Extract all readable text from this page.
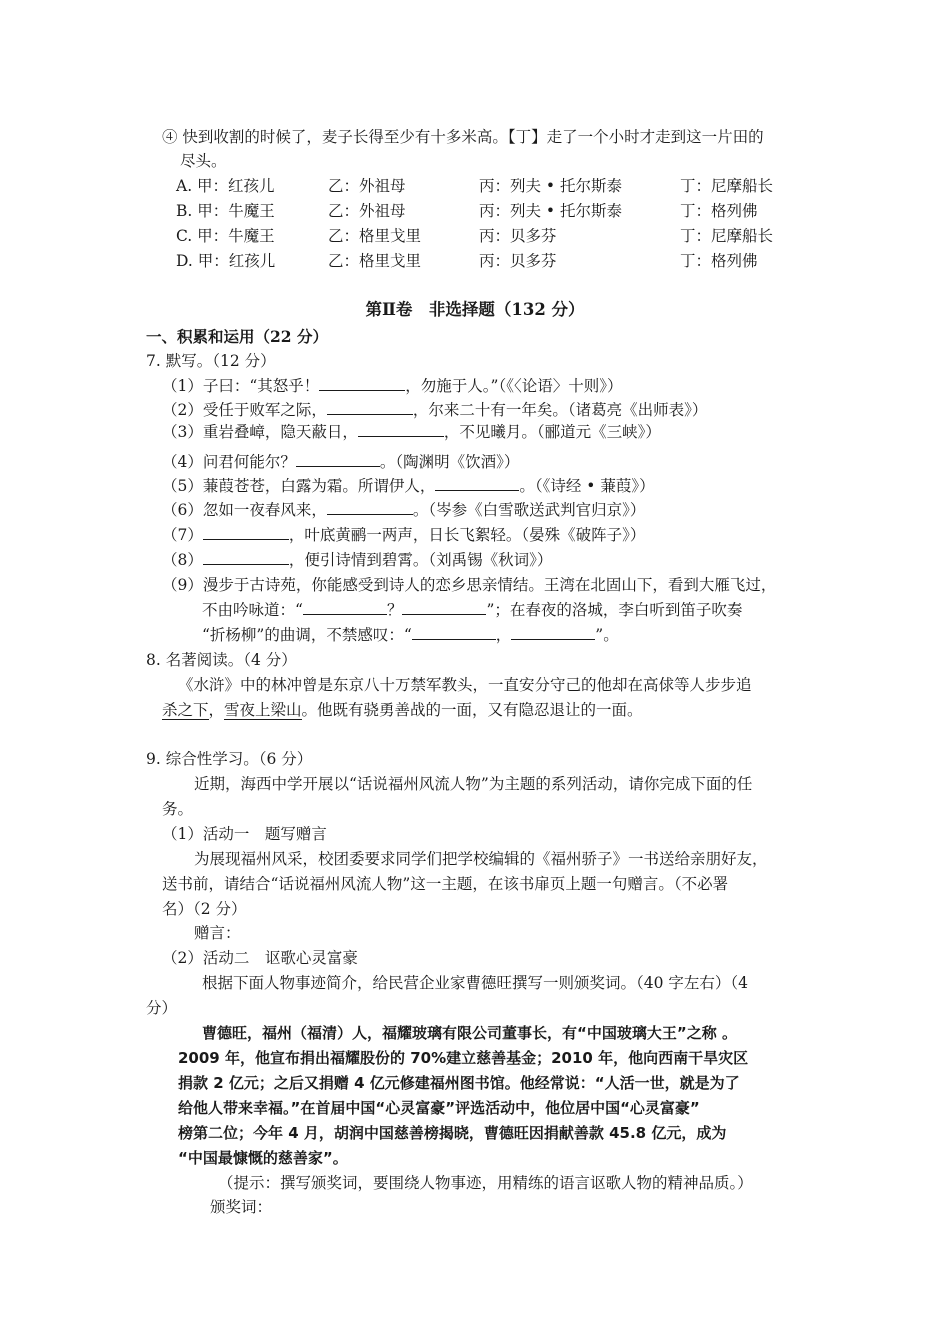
④ 快到收割的时候了，麦子长得至少有十多米高。【丁】走了一个小时才走到这一片田的
尽头。
A. 甲：红孩儿	乙：外祖母	丙：列夫 • 托尔斯泰	丁：尼摩船长
B. 甲：牛魔王	乙：外祖母	丙：列夫 • 托尔斯泰	丁：格列佛
C. 甲：牛魔王	乙：格里戈里	丙：贝多芬	丁：尼摩船长
D. 甲：红孩儿	乙：格里戈里	丙：贝多芬	丁：格列佛
第Ⅱ卷　非选择题（132 分）
一、积累和运用（22 分）
7. 默写。（12 分）
（1）子曰：“其怒乎！	，勿施于人。”（《〈论语〉十则》）
（2）受任于败军之际，	，尔来二十有一年矣。（诸葛亮《出师表》）
（3）重岩叠嶂，隐天蔽日，	，不见曦月。（郦道元《三峡》）
（4）问君何能尔？	。（陶渊明《饮酒》）
（5）蒹葭苍苍，白露为霜。所谓伊人，	。（《诗经 • 蒹葭》）
（6）忽如一夜春风来，	。（岑参《白雪歌送武判官归京》）
（7）	，叶底黄鹂一两声，日长飞絮轻。（晏殊《破阵子》）
（8）	，便引诗情到碧霄。（刘禹锡《秋词》）
（9）漫步于古诗苑，你能感受到诗人的恋乡思亲情结。王湾在北固山下，看到大雁飞过，
不由吟咏道：“	？	”；在春夜的洛城，李白听到笛子吹奏
“折杨柳”的曲调，不禁感叹：“	，	”。
8. 名著阅读。（4 分）
《水浒》中的林冲曾是东京八十万禁军教头，一直安分守己的他却在高俅等人步步追
杀之下，雪夜上梁山。他既有骁勇善战的一面，又有隐忍退让的一面。
9. 综合性学习。（6 分）
近期，海西中学开展以“话说福州风流人物”为主题的系列活动，请你完成下面的任
务。
（1）活动一　题写赠言
为展现福州风采，校团委要求同学们把学校编辑的《福州骄子》一书送给亲朋好友，
送书前，请结合“话说福州风流人物”这一主题，在该书扉页上题一句赠言。（不必署
名）（2 分）
赠言：
（2）活动二　讴歌心灵富豪
根据下面人物事迹简介，给民营企业家曹德旺撰写一则颁奖词。（40 字左右）（4
分）
曹德旺，福州（福清）人，福耀玻璃有限公司董事长，有“中国玻璃大王”之称 。
2009 年，他宣布捐出福耀股份的 70%建立慈善基金；2010 年，他向西南干旱灾区
捐款 2 亿元；之后又捐赠 4 亿元修建福州图书馆。他经常说：“人活一世，就是为了
给他人带来幸福。”在首届中国“心灵富豪”评选活动中，他位居中国“心灵富豪”
榜第二位；今年 4 月，胡润中国慈善榜揭晓，曹德旺因捐献善款 45.8 亿元，成为
“中国最慷慨的慈善家”。
（提示：撰写颁奖词，要围绕人物事迹，用精练的语言讴歌人物的精神品质。）
颁奖词：
